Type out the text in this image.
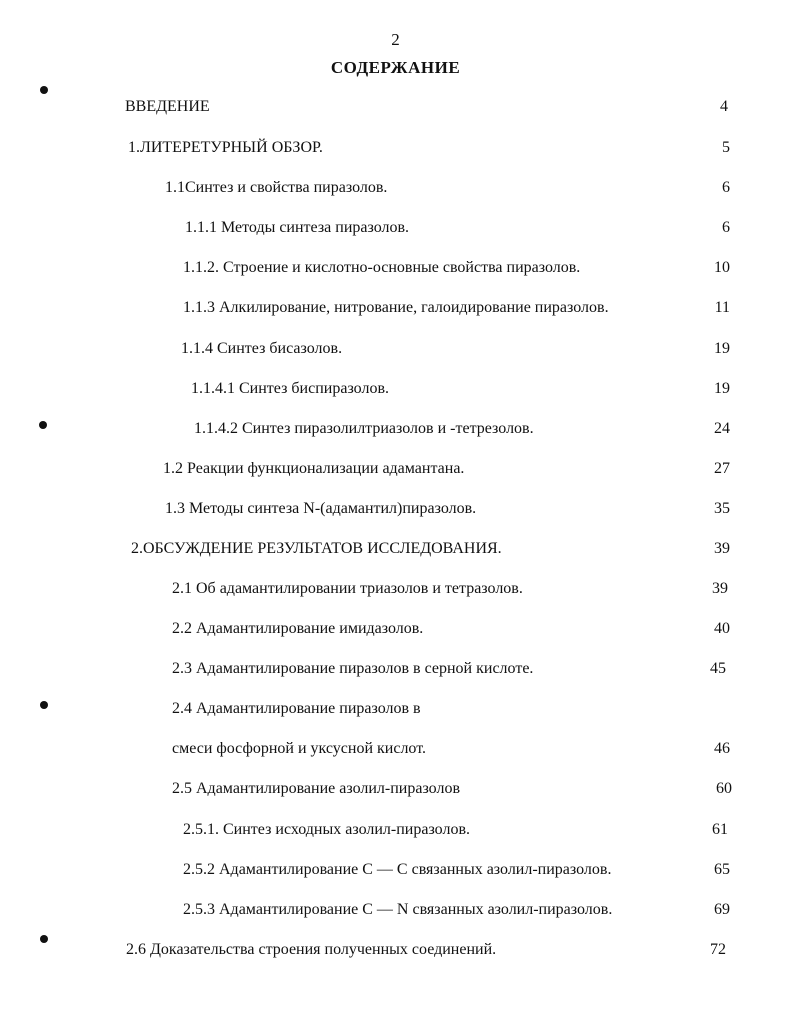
2
СОДЕРЖАНИЕ
ВВЕДЕНИЕ	4
1.ЛИТЕРЕТУРНЫЙ ОБЗОР.	5
1.1Синтез и свойства пиразолов.	6
1.1.1 Методы синтеза пиразолов.	6
1.1.2. Строение и кислотно-основные свойства пиразолов.	10
1.1.3 Алкилирование, нитрование, галоидирование пиразолов.	11
1.1.4 Синтез бисазолов.	19
1.1.4.1 Синтез биспиразолов.	19
1.1.4.2 Синтез пиразолилтриазолов и -тетрезолов.	24
1.2 Реакции функционализации адамантана.	27
1.3 Методы синтеза N-(адамантил)пиразолов.	35
2.ОБСУЖДЕНИЕ РЕЗУЛЬТАТОВ ИССЛЕДОВАНИЯ.	39
2.1 Об адамантилировании триазолов и тетразолов.	39
2.2 Адамантилирование имидазолов.	40
2.3 Адамантилирование пиразолов в серной кислоте.	45
2.4 Адамантилирование пиразолов в
смеси фосфорной и уксусной кислот.	46
2.5 Адамантилирование азолил-пиразолов	60
2.5.1. Синтез исходных азолил-пиразолов.	61
2.5.2 Адамантилирование С — С связанных азолил-пиразолов.	65
2.5.3 Адамантилирование С — N связанных азолил-пиразолов.	69
2.6 Доказательства строения полученных соединений.	72
